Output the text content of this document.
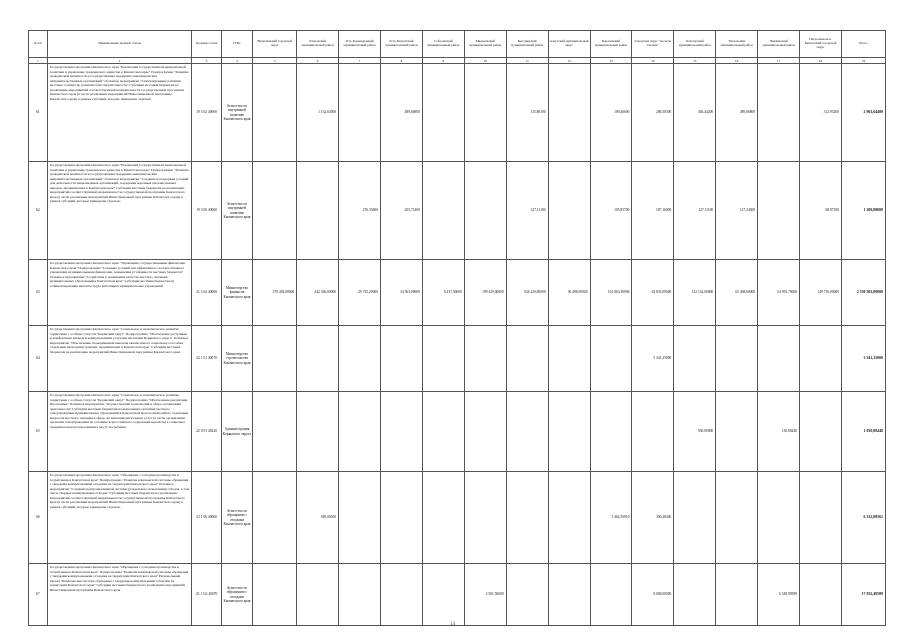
№ п/п	Наименование целевой статьи	Целевая статья	ГРБС	Вилючинский городской округ	Елизовский муниципальный район	Усть-Большерецкий муниципальный район	Усть-Камчатский муниципальный район	Соболевский муниципальный район	Мильковский муниципальный район	Быстринский муниципальный район	Алеутский муниципальный округ	Карагинский муниципальный район	Городской округ "поселок Палана"	Олюторский муниципальный район	Тигильский муниципальный район	Пенжинский муниципальный район	Петропавловск-Камчатский городской округ	Всего
1	2	3	4	5	6	7	8	9	10	11	12	13	14	15	16	17	18	19
61	Государственная программа Камчатского края "Реализация государственной национальной политики и укрепление гражданского единства в Камчатском крае" Подпрограмма "Развитие гражданской активности и государственная поддержка некоммерческих неправительственных организаций" Основное мероприятие "Стимулирование развития местных сообществ, развитие благотворительности" Субсидии местным бюджетам на реализацию мероприятий соответствующей направленности государственной программы Камчатского края (в части реализации мероприятий Инвестиционной программы Камчатского края) в рамках субсидий, которые приведены отдельно	19 3 02 40060	Агентство по внутренней политике Камчатского края		1 132,64500		489,66800			115,80100		189,46600	286,50300	456,44200	489,66800		312,93200	2 963,64400
62	Государственная программа Камчатского края "Реализация государственной национальной политики и укрепление гражданского единства в Камчатском крае" Подпрограмма "Развитие гражданской активности и государственная поддержка некоммерческих неправительственных организаций" Основное мероприятие "Создание и поддержка условий для деятельности национальных организаций, поддержки коренных малочисленных народов, проживающих в Камчатском крае" Субсидии местным бюджетам на реализацию мероприятий соответствующей направленности государственной программы Камчатского края (в части реализации мероприятий Инвестиционной программы Камчатского края) в рамках субсидий, которые приведены отдельно	19 3 06 40060	Агентство по внутренней политике Камчатского края			276,33600	205,71400			127,11100		105,85700	187,16000	127,11100	127,24300		68,97100	1 200,00000
63	Государственная программа Камчатского края "Управление государственными финансами Камчатского края" Подпрограмма "Создание условий для эффективного и ответственного управления муниципальными финансами, повышения устойчивости местных бюджетов" Основное мероприятие "Содействие в повышении качества местного значения муниципальных образований в Камчатском крае" Субсидии местным бюджетам на софинансирование выплаты труда работников муниципальных учреждений	21 3 02 40060	Министерство финансов Камчатского края	379 492,00000	442 356,00000	29 745,20000	34 563,00000	6 237,30000	199 429,00000	924 220,00000	36 498,50000	161 863,30000	63 833,00000	112 132,00000	65 498,60000	54 993,70000	149 756,00000	2 550 302,00000
64	Государственная программа Камчатского края "Социальное и экономическое развитие территории с особым статусом "Корякский округ" Подпрограмма "Обеспечение доступным и комфортным жильем и коммунальными услугами населения Корякского округа" Основное мероприятие "Обеспечение своевременной выплаты ежемесячного социального пособия отдельным категориям граждан, проживающих в Камчатском крае" Субсидии местным бюджетам на реализацию мероприятий Инвестиционной программы Камчатского края	22 1 01 40070	Министерство строительства Камчатского края										5 341,25000					3 341,25000
65	Государственная программа Камчатского края "Социальное и экономическое развитие территории с особым статусом "Корякский округ" Подпрограмма "Обеспечение реализации Программы" Основное мероприятие "Осуществление полномочий в сфере организации деятельности" Субсидии местным бюджетам на выполнение органами местного самоуправления муниципальных образований в Камчатском крае полномочий по отдельным вопросам местного значения в сфере организации ритуальных услуг (в части организации органами самоуправления на условиях всероссийского содержания ведомств) в социально-экономическом использовании к месту погребения	22 9 01 40220	Администрация Корякского округа											950,00000		130,08440		1 030,08440
66	Государственная программа Камчатского края "Обращение с отходами производства и потребления в Камчатском крае" Подпрограмма "Развитие комплексной системы обращения с твердыми коммунальными отходами на территории Камчатского края" Основное мероприятие "Создание централизованной системы (раздельного накопления) отходов, в том числе твердых коммунальных отходов" Субсидии местным бюджетам на реализацию мероприятий соответствующей направленности государственной программы Камчатского края (в части реализации мероприятий Инвестиционной программы Камчатского края) в рамках субсидий, которые приведены отдельно	23 1 06 40060	Агентство по обращению с отходами Камчатского края		569,06500							5 462,55910	300,28440					6 332,00561
67	Государственная программа Камчатского края "Обращение с отходами производства и потребления в Камчатском крае" Подпрограмма "Развитие комплексной системы обращения с твердыми коммунальными отходами на территории Камчатского края" Региональный проект "Комплексная система обращения с твердыми коммунальными отходами на территории Камчатского края" Субсидии местным бюджетам на реализацию мероприятий Инвестиционной программы Камчатского края	23 1 G2 40070	Агентство по обращению с отходами Камчатского края						2 581,50000				8 000,00000			6 349,99589		17 032,49589
14
